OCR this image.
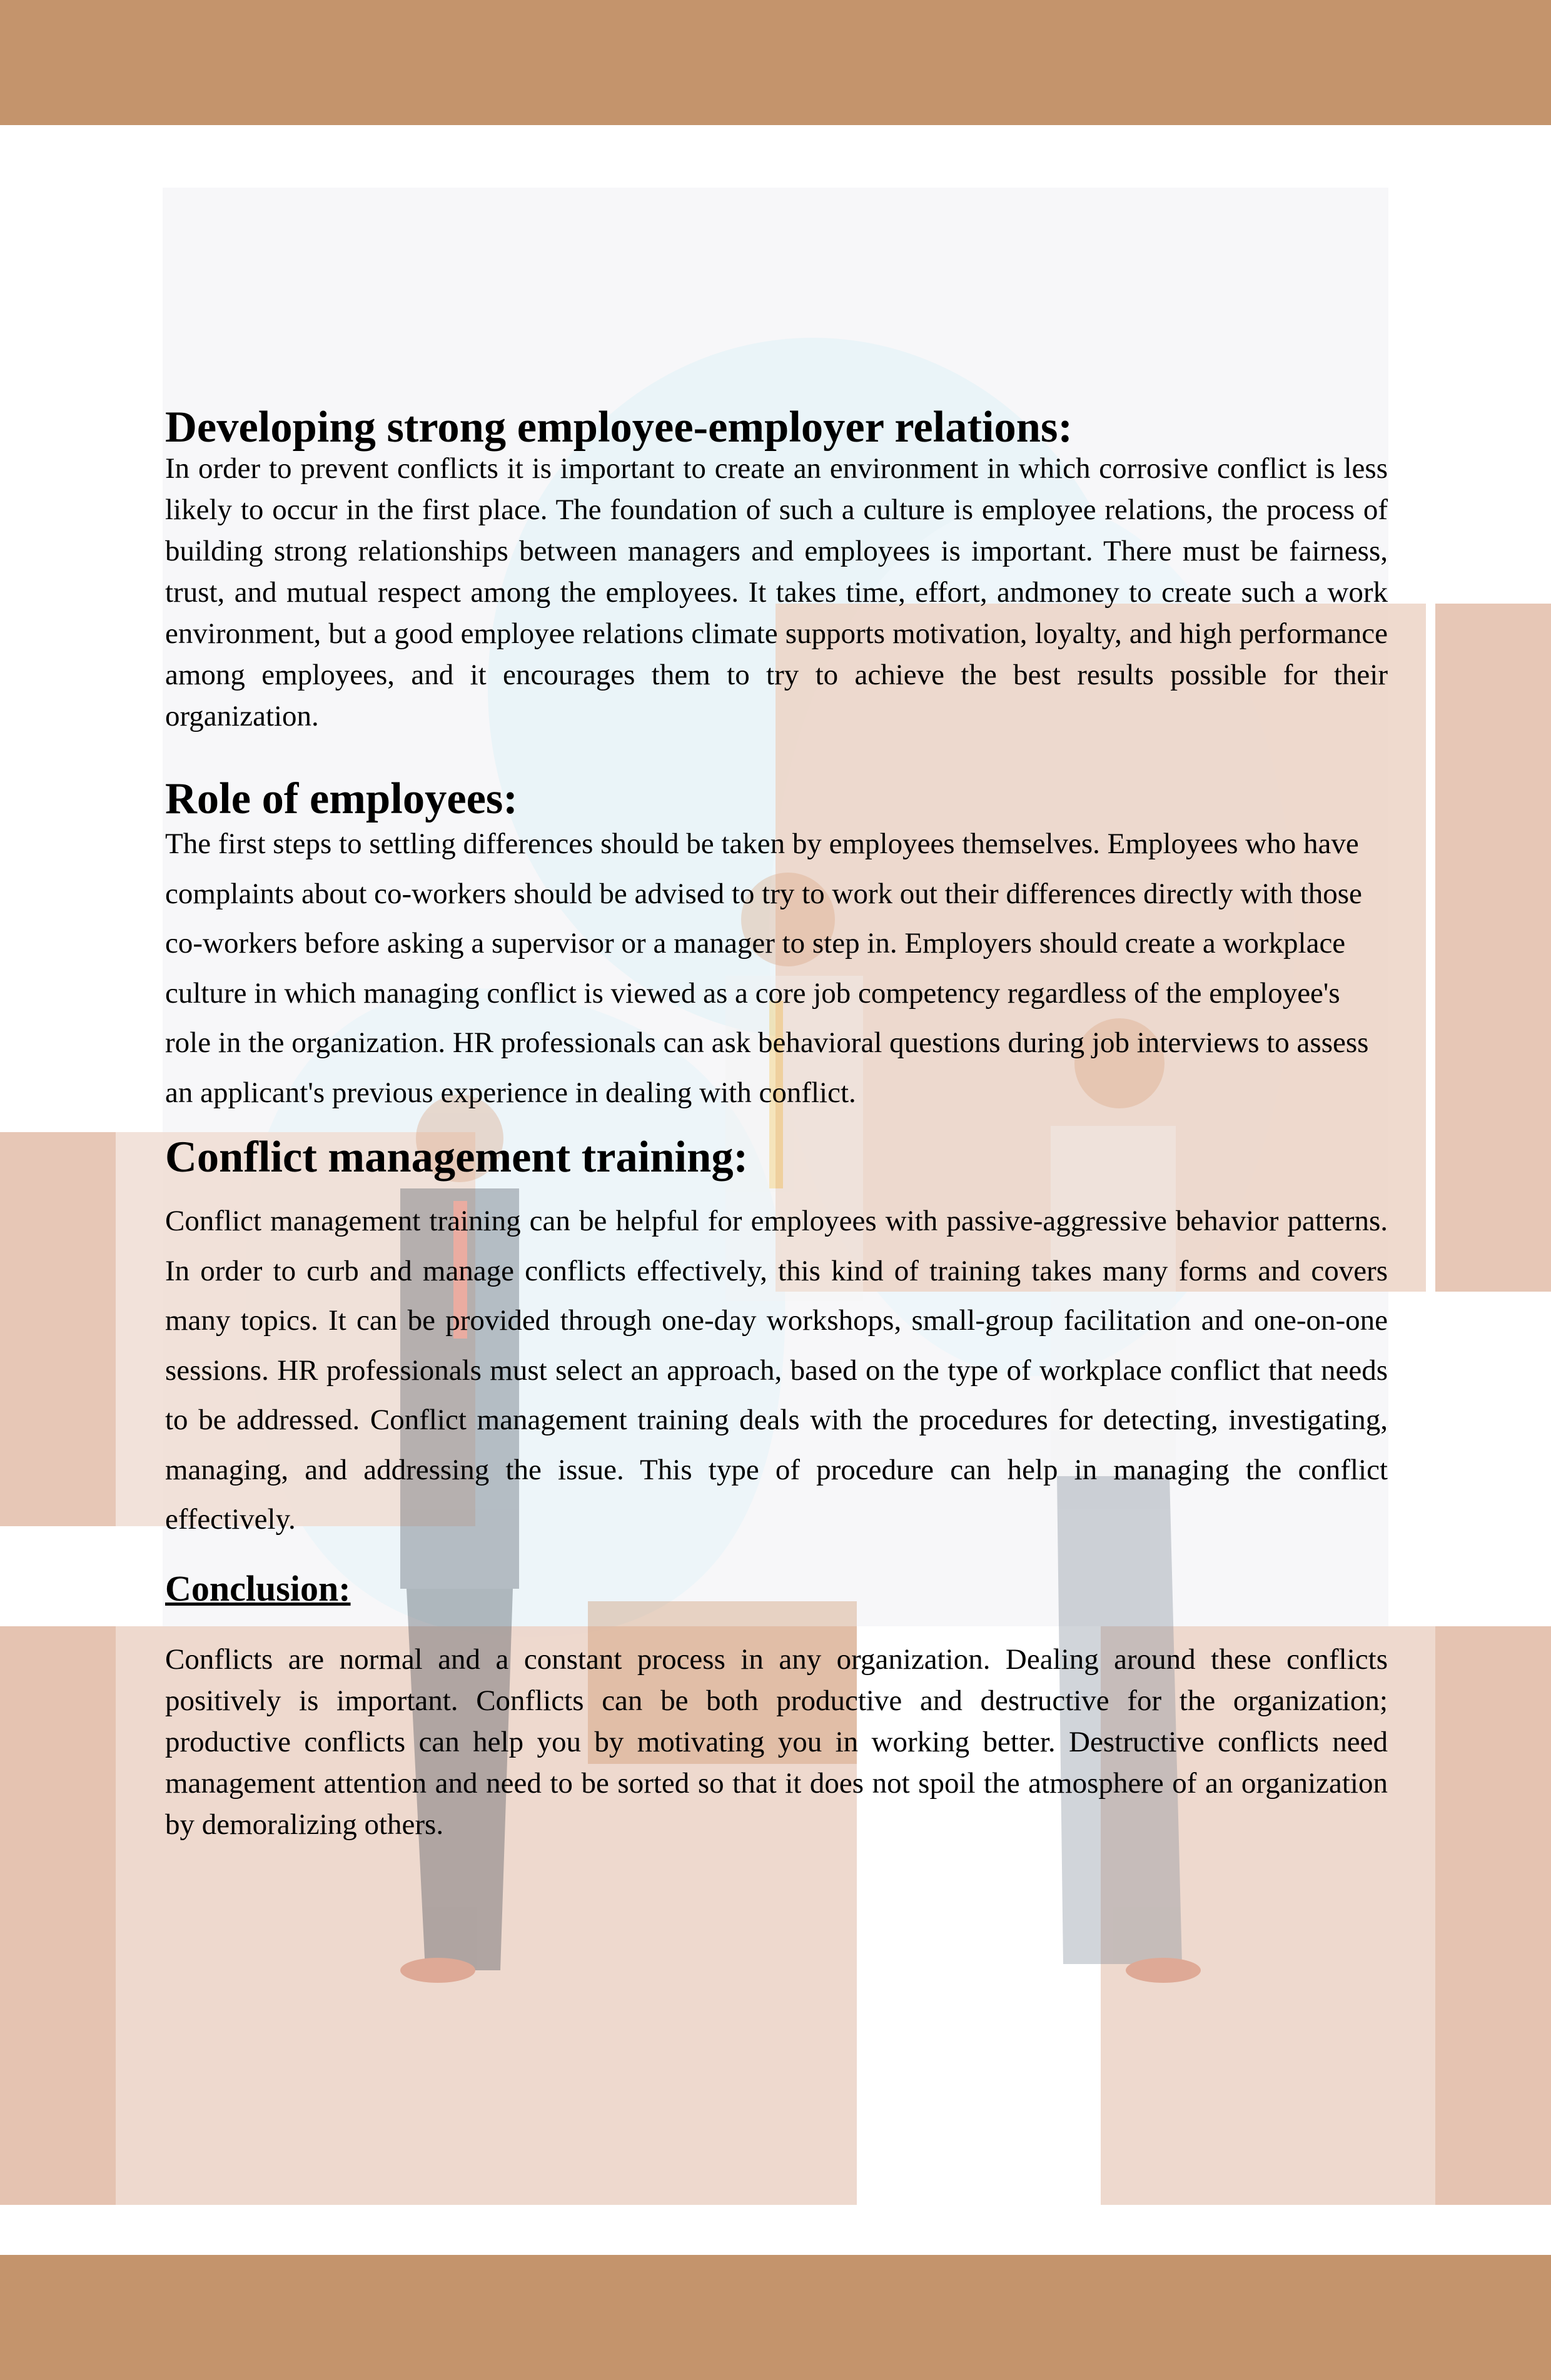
Developing strong employee-employer relations:

In order to prevent conflicts it is important to create an environment in which corrosive conflict is less likely to occur in the first place. The foundation of such a culture is employee relations, the process of building strong relationships between managers and employees is important. There must be fairness, trust, and mutual respect among the employees. It takes time, effort, andmoney to create such a work environment, but a good employee relations climate supports motivation, loyalty, and high performance among employees, and it encourages them to try to achieve the best results possible for their organization.

Role of employees:

The first steps to settling differences should be taken by employees themselves. Employees who have complaints about co-workers should be advised to try to work out their differences directly with those co-workers before asking a supervisor or a manager to step in. Employers should create a workplace culture in which managing conflict is viewed as a core job competency regardless of the employee's role in the organization. HR professionals can ask behavioral questions during job interviews to assess an applicant's previous experience in dealing with conflict.

Conflict management training:

Conflict management training can be helpful for employees with passive-aggressive behavior patterns. In order to curb and manage conflicts effectively, this kind of training takes many forms and covers many topics. It can be provided through one-day workshops, small-group facilitation and one-on-one sessions. HR professionals must select an approach, based on the type of workplace conflict that needs to be addressed. Conflict management training deals with the procedures for detecting, investigating, managing, and addressing the issue. This type of procedure can help in managing the conflict effectively.

Conclusion:

Conflicts are normal and a constant process in any organization. Dealing around these conflicts positively is important. Conflicts can be both productive and destructive for the organization; productive conflicts can help you by motivating you in working better. Destructive conflicts need management attention and need to be sorted so that it does not spoil the atmosphere of an organization by demoralizing others.
